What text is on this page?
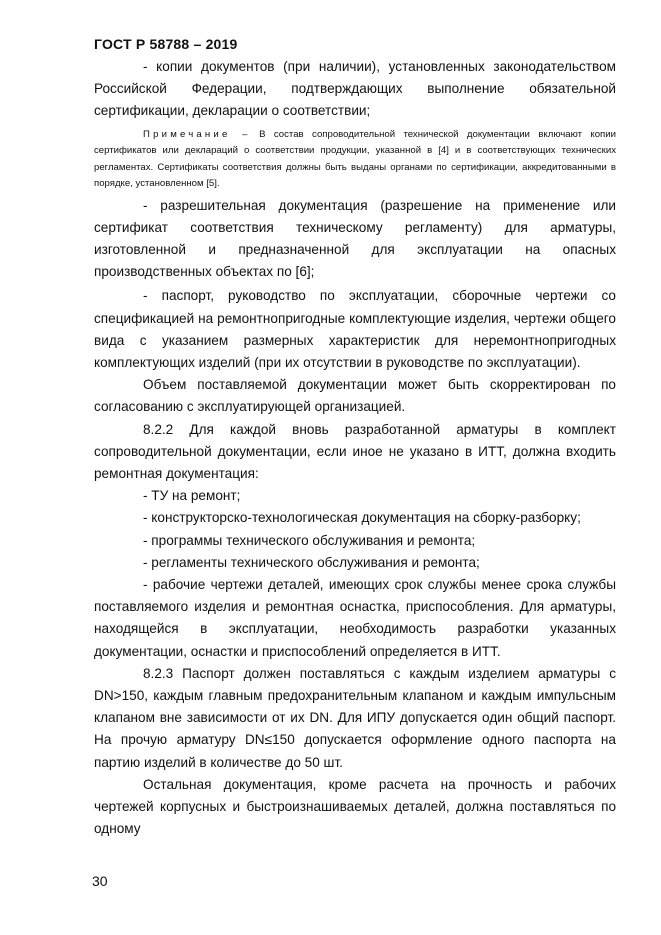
ГОСТ Р 58788 – 2019

- копии документов (при наличии), установленных законодательством Российской Федерации, подтверждающих выполнение обязательной сертификации, декларации о соответствии;

Примечание – В состав сопроводительной технической документации включают копии сертификатов или деклараций о соответствии продукции, указанной в [4] и в соответствующих технических регламентах. Сертификаты соответствия должны быть выданы органами по сертификации, аккредитованными в порядке, установленном [5].

- разрешительная документация (разрешение на применение или сертификат соответствия техническому регламенту) для арматуры, изготовленной и предназначенной для эксплуатации на опасных производственных объектах по [6];

- паспорт, руководство по эксплуатации, сборочные чертежи со спецификацией на ремонтнопригодные комплектующие изделия, чертежи общего вида с указанием размерных характеристик для неремонтнопригодных комплектующих изделий (при их отсутствии в руководстве по эксплуатации).

Объем поставляемой документации может быть скорректирован по согласованию с эксплуатирующей организацией.

8.2.2 Для каждой вновь разработанной арматуры в комплект сопроводительной документации, если иное не указано в ИТТ, должна входить ремонтная документация:

- ТУ на ремонт;

- конструкторско-технологическая документация на сборку-разборку;

- программы технического обслуживания и ремонта;

- регламенты технического обслуживания и ремонта;

- рабочие чертежи деталей, имеющих срок службы менее срока службы поставляемого изделия и ремонтная оснастка, приспособления. Для арматуры, находящейся в эксплуатации, необходимость разработки указанных документации, оснастки и приспособлений определяется в ИТТ.

8.2.3 Паспорт должен поставляться с каждым изделием арматуры с DN>150, каждым главным предохранительным клапаном и каждым импульсным клапаном вне зависимости от их DN. Для ИПУ допускается один общий паспорт. На прочую арматуру DN≤150 допускается оформление одного паспорта на партию изделий в количестве до 50 шт.

Остальная документация, кроме расчета на прочность и рабочих чертежей корпусных и быстроизнашиваемых деталей, должна поставляться по одному

30
